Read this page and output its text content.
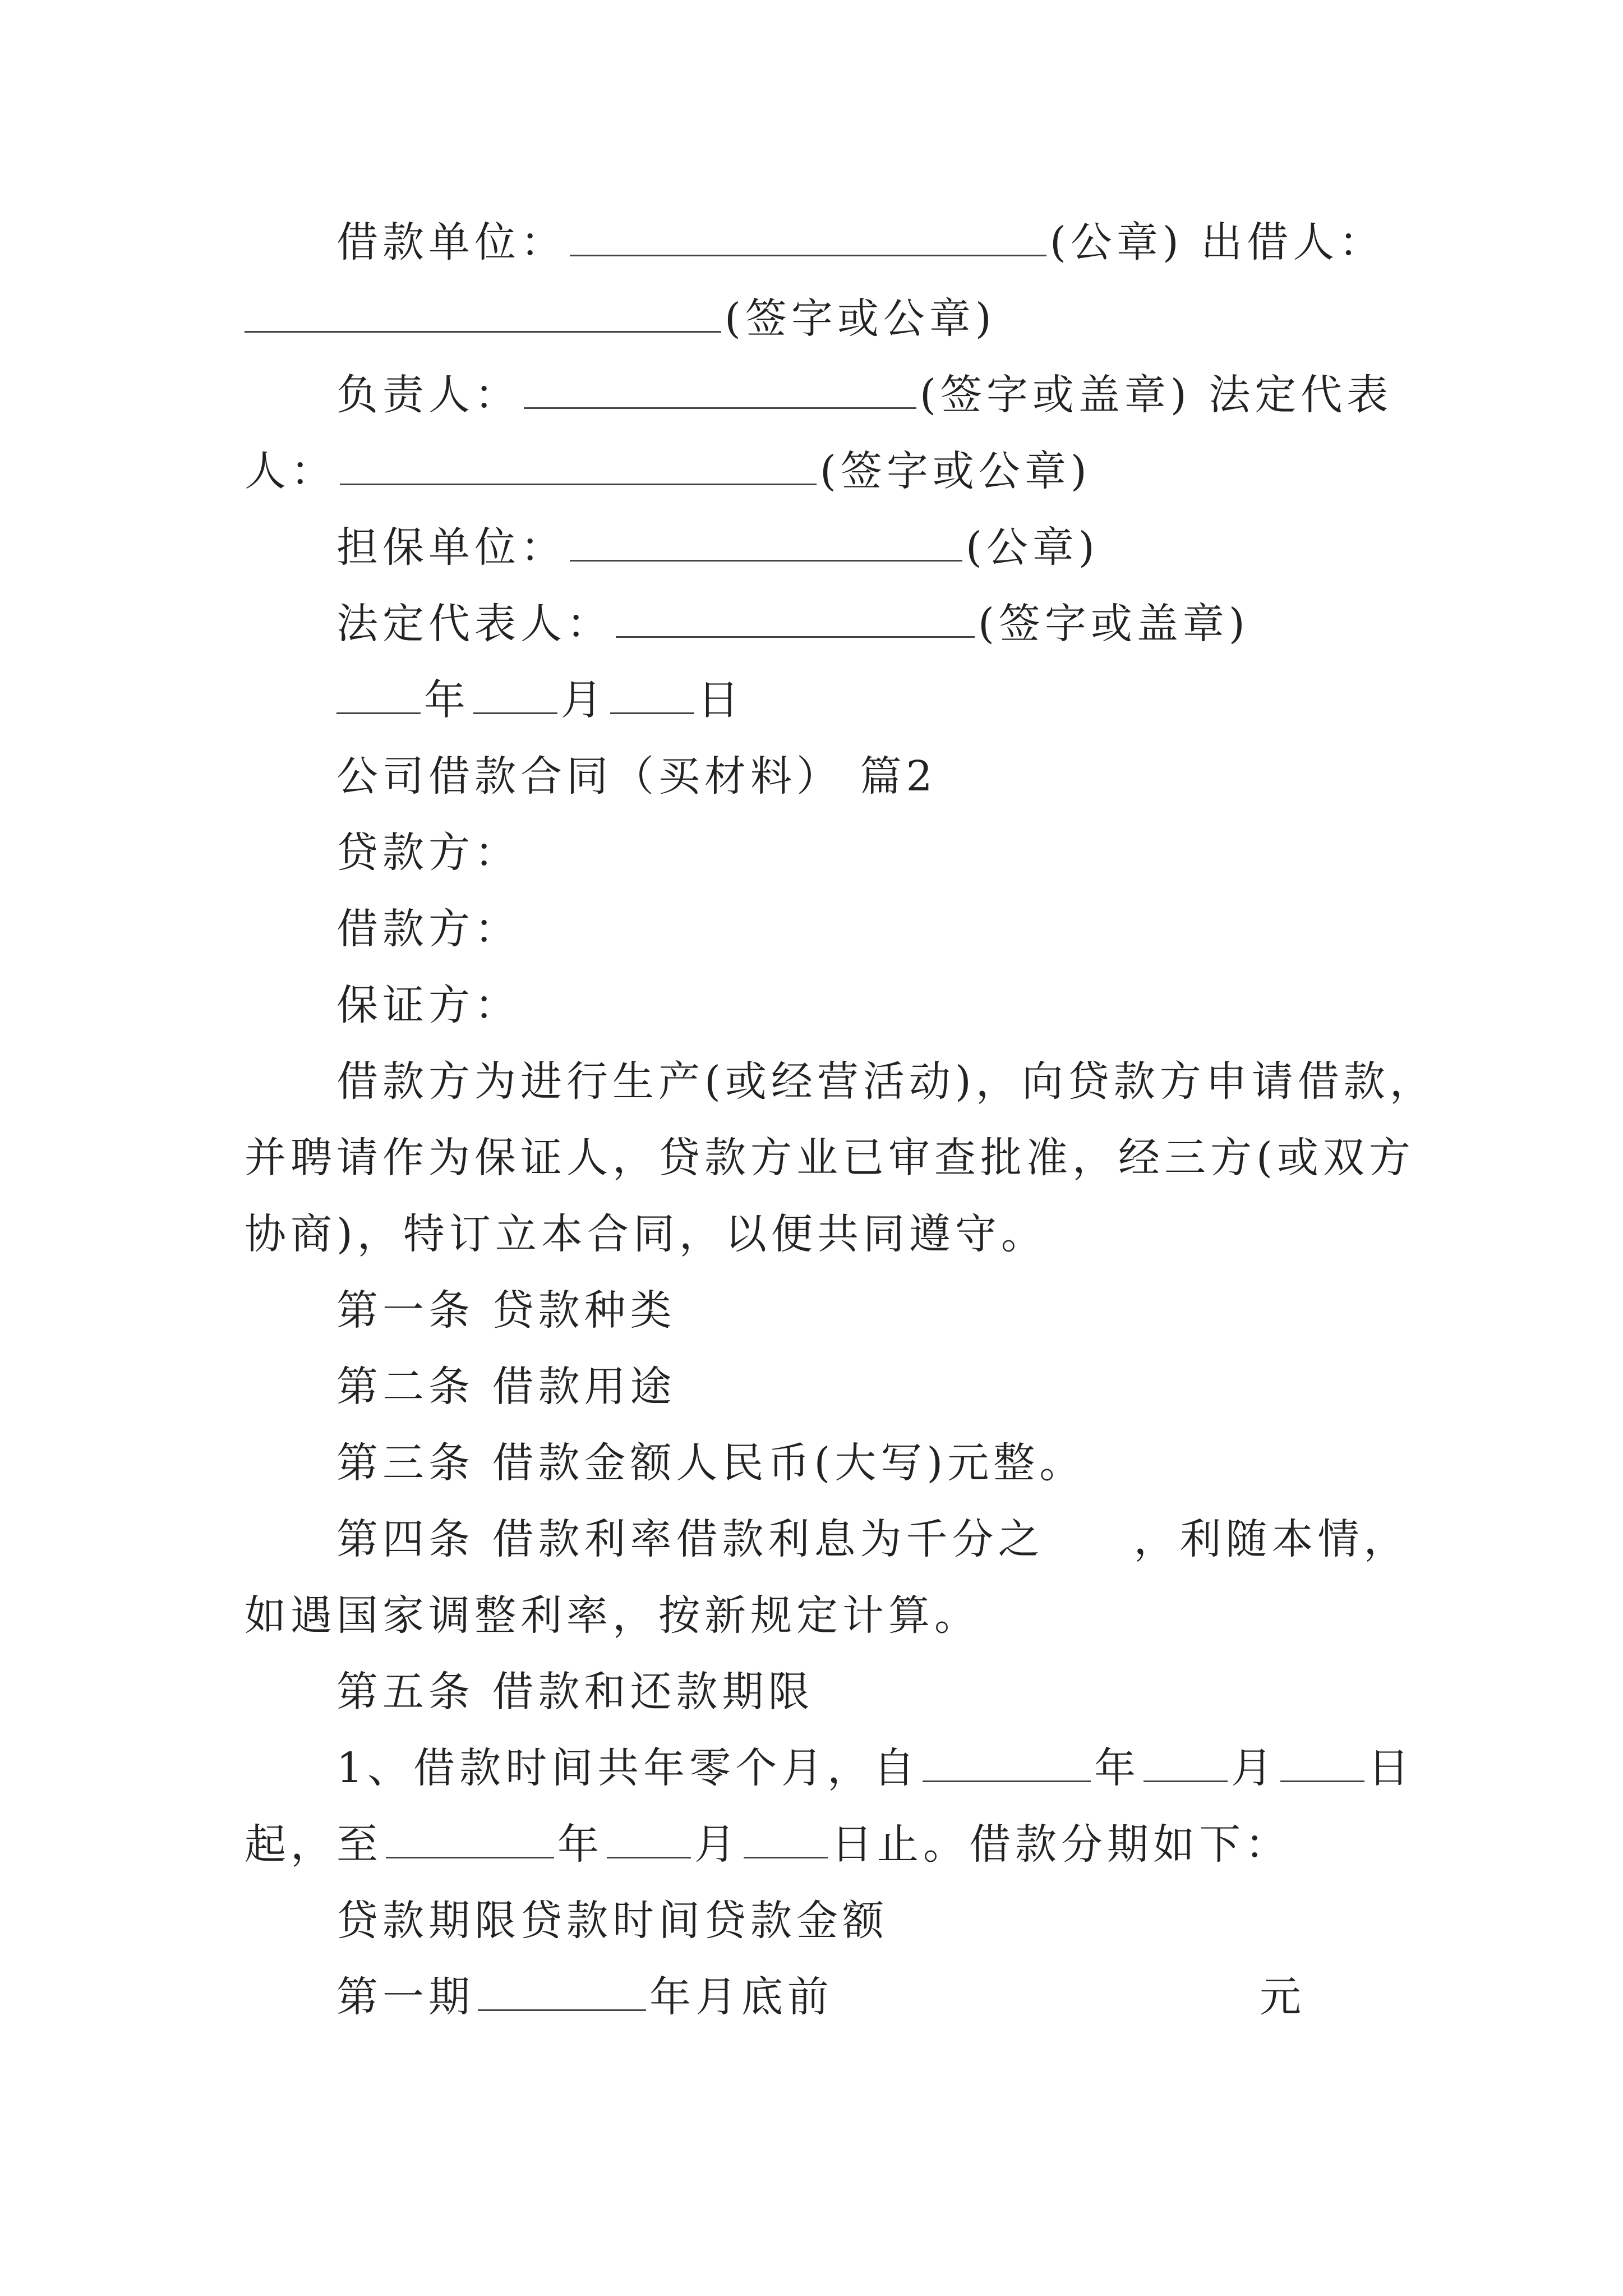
借款单位：	(公章) 出借人：
(签字或公章)
负责人：	(签字或盖章) 法定代表
人：	(签字或公章)
担保单位：	(公章)
法定代表人：	(签字或盖章)
年 月 日
公司借款合同（买材料） 篇2
贷款方：
借款方：
保证方：
借款方为进行生产(或经营活动)，向贷款方申请借款，
并聘请作为保证人，贷款方业已审查批准，经三方(或双方
协商)，特订立本合同，以便共同遵守。
第一条 贷款种类
第二条 借款用途
第三条 借款金额人民币(大写)元整。
第四条 借款利率借款利息为千分之 ，利随本情，
如遇国家调整利率，按新规定计算。
第五条 借款和还款期限
1、借款时间共年零个月，自	年 月 日
起，至	年 月 日止。借款分期如下：
贷款期限贷款时间贷款金额
第一期	年月底前	元
